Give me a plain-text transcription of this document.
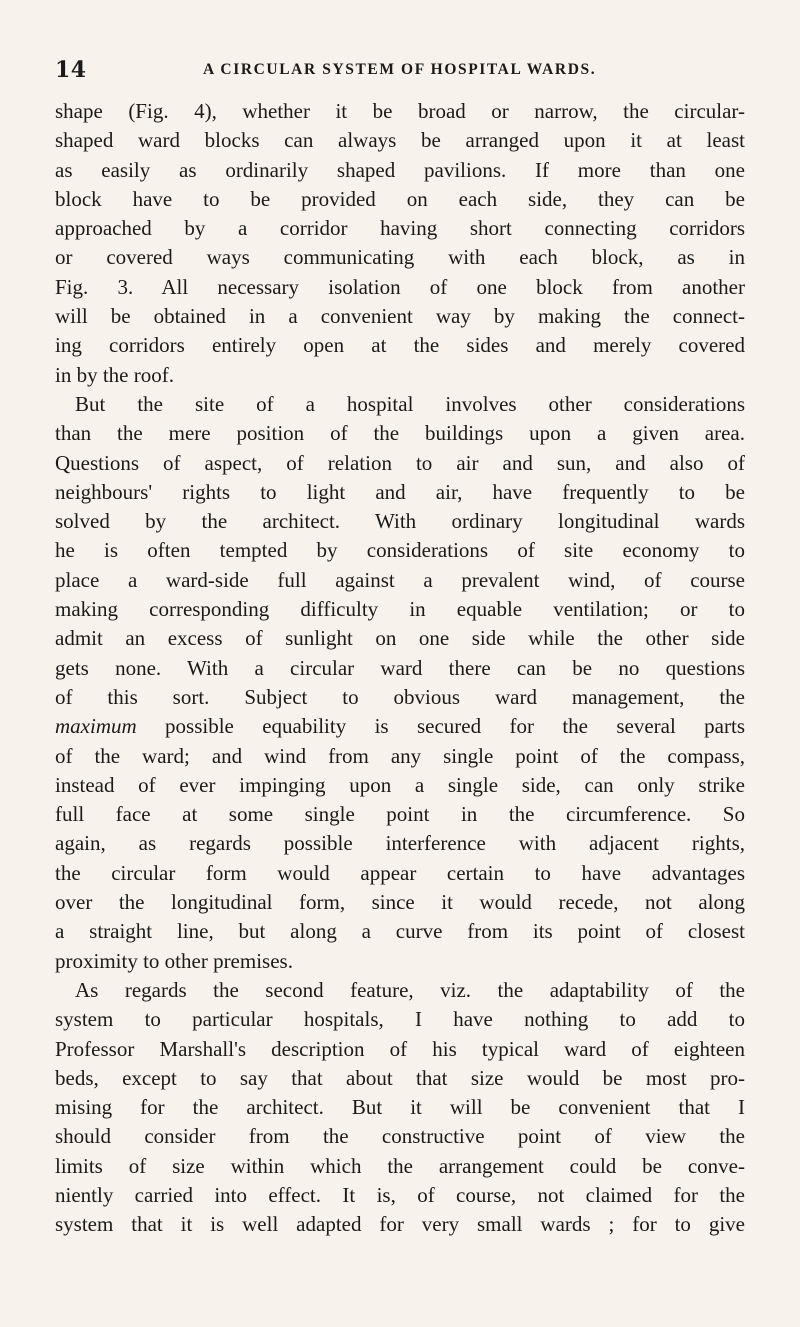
14	A CIRCULAR SYSTEM OF HOSPITAL WARDS.
shape (Fig. 4), whether it be broad or narrow, the circular-
shaped ward blocks can always be arranged upon it at least
as easily as ordinarily shaped pavilions. If more than one
block have to be provided on each side, they can be
approached by a corridor having short connecting corridors
or covered ways communicating with each block, as in
Fig. 3. All necessary isolation of one block from another
will be obtained in a convenient way by making the connect-
ing corridors entirely open at the sides and merely covered
in by the roof.
But the site of a hospital involves other considerations
than the mere position of the buildings upon a given area.
Questions of aspect, of relation to air and sun, and also of
neighbours' rights to light and air, have frequently to be
solved by the architect. With ordinary longitudinal wards
he is often tempted by considerations of site economy to
place a ward-side full against a prevalent wind, of course
making corresponding difficulty in equable ventilation; or to
admit an excess of sunlight on one side while the other side
gets none. With a circular ward there can be no questions
of this sort. Subject to obvious ward management, the
maximum possible equability is secured for the several parts
of the ward; and wind from any single point of the compass,
instead of ever impinging upon a single side, can only strike
full face at some single point in the circumference. So
again, as regards possible interference with adjacent rights,
the circular form would appear certain to have advantages
over the longitudinal form, since it would recede, not along
a straight line, but along a curve from its point of closest
proximity to other premises.
As regards the second feature, viz. the adaptability of the
system to particular hospitals, I have nothing to add to
Professor Marshall's description of his typical ward of eighteen
beds, except to say that about that size would be most pro-
mising for the architect. But it will be convenient that I
should consider from the constructive point of view the
limits of size within which the arrangement could be conve-
niently carried into effect. It is, of course, not claimed for the
system that it is well adapted for very small wards ; for to give
